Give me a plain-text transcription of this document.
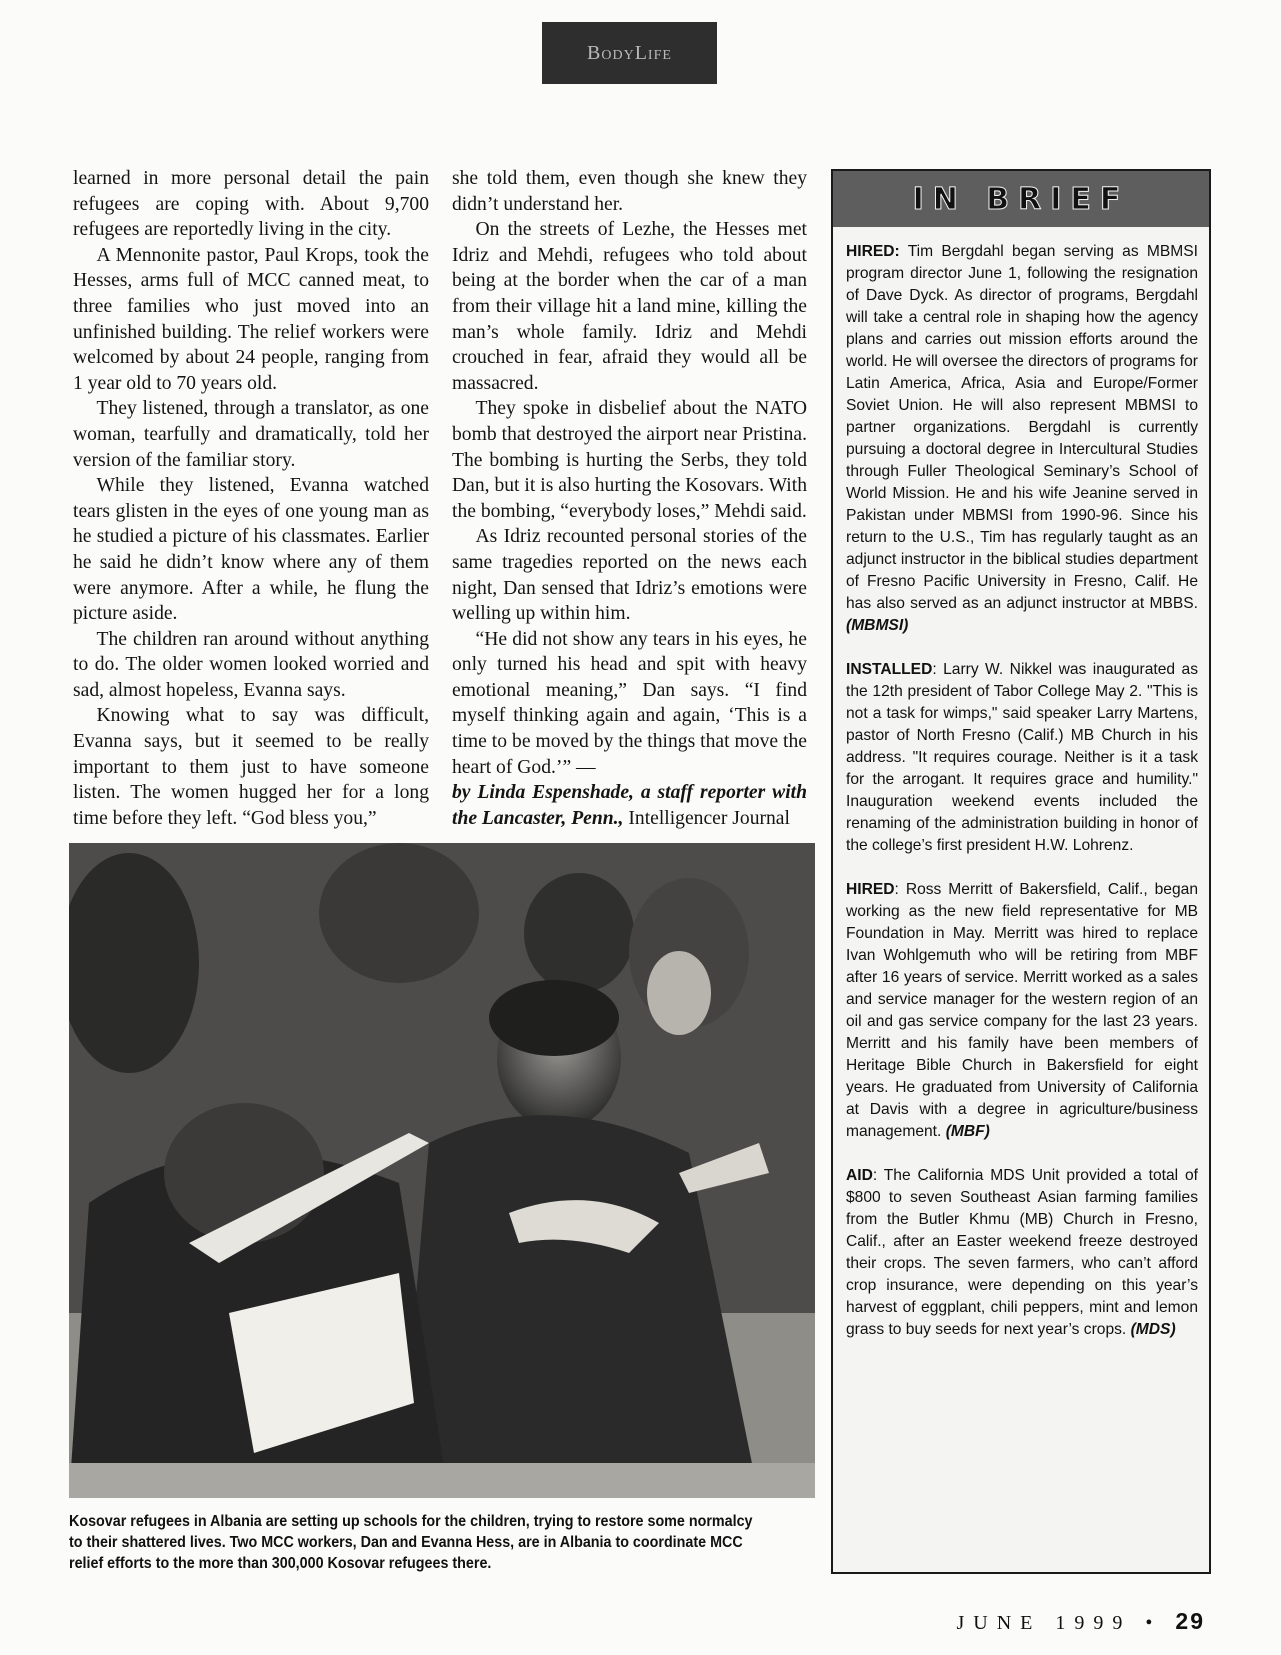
BodyLife

learned in more personal detail the pain refugees are coping with. About 9,700 refugees are reportedly living in the city.

A Mennonite pastor, Paul Krops, took the Hesses, arms full of MCC canned meat, to three families who just moved into an unfinished building. The relief workers were welcomed by about 24 people, ranging from 1 year old to 70 years old.

They listened, through a translator, as one woman, tearfully and dramatically, told her version of the familiar story.

While they listened, Evanna watched tears glisten in the eyes of one young man as he studied a picture of his classmates. Earlier he said he didn’t know where any of them were anymore. After a while, he flung the picture aside.

The children ran around without anything to do. The older women looked worried and sad, almost hopeless, Evanna says.

Knowing what to say was difficult, Evanna says, but it seemed to be really important to them just to have someone listen. The women hugged her for a long time before they left. “God bless you,”

she told them, even though she knew they didn’t understand her.

On the streets of Lezhe, the Hesses met Idriz and Mehdi, refugees who told about being at the border when the car of a man from their village hit a land mine, killing the man’s whole family. Idriz and Mehdi crouched in fear, afraid they would all be massacred.

They spoke in disbelief about the NATO bomb that destroyed the airport near Pristina. The bombing is hurting the Serbs, they told Dan, but it is also hurting the Kosovars. With the bombing, “everybody loses,” Mehdi said.

As Idriz recounted personal stories of the same tragedies reported on the news each night, Dan sensed that Idriz’s emotions were welling up within him.

“He did not show any tears in his eyes, he only turned his head and spit with heavy emotional meaning,” Dan says. “I find myself thinking again and again, ‘This is a time to be moved by the things that move the heart of God.’” —

by Linda Espenshade, a staff reporter with the Lancaster, Penn., Intelligencer Journal

Kosovar refugees in Albania are setting up schools for the children, trying to restore some normalcy to their shattered lives. Two MCC workers, Dan and Evanna Hess, are in Albania to coordinate MCC relief efforts to the more than 300,000 Kosovar refugees there.
IN BRIEF
HIRED: Tim Bergdahl began serving as MBMSI program director June 1, following the resignation of Dave Dyck. As director of programs, Bergdahl will take a central role in shaping how the agency plans and carries out mission efforts around the world. He will oversee the directors of programs for Latin America, Africa, Asia and Europe/Former Soviet Union. He will also represent MBMSI to partner organizations. Bergdahl is currently pursuing a doctoral degree in Intercultural Studies through Fuller Theological Seminary’s School of World Mission. He and his wife Jeanine served in Pakistan under MBMSI from 1990-96. Since his return to the U.S., Tim has regularly taught as an adjunct instructor in the biblical studies department of Fresno Pacific University in Fresno, Calif. He has also served as an adjunct instructor at MBBS. (MBMSI)
INSTALLED: Larry W. Nikkel was inaugurated as the 12th president of Tabor College May 2. "This is not a task for wimps," said speaker Larry Martens, pastor of North Fresno (Calif.) MB Church in his address. "It requires courage. Neither is it a task for the arrogant. It requires grace and humility." Inauguration weekend events included the renaming of the administration building in honor of the college’s first president H.W. Lohrenz.
HIRED: Ross Merritt of Bakersfield, Calif., began working as the new field representative for MB Foundation in May. Merritt was hired to replace Ivan Wohlgemuth who will be retiring from MBF after 16 years of service. Merritt worked as a sales and service manager for the western region of an oil and gas service company for the last 23 years. Merritt and his family have been members of Heritage Bible Church in Bakersfield for eight years. He graduated from University of California at Davis with a degree in agriculture/business management. (MBF)
AID: The California MDS Unit provided a total of $800 to seven Southeast Asian farming families from the Butler Khmu (MB) Church in Fresno, Calif., after an Easter weekend freeze destroyed their crops. The seven farmers, who can’t afford crop insurance, were depending on this year’s harvest of eggplant, chili peppers, mint and lemon grass to buy seeds for next year’s crops. (MDS)
JUNE 1999 • 29
